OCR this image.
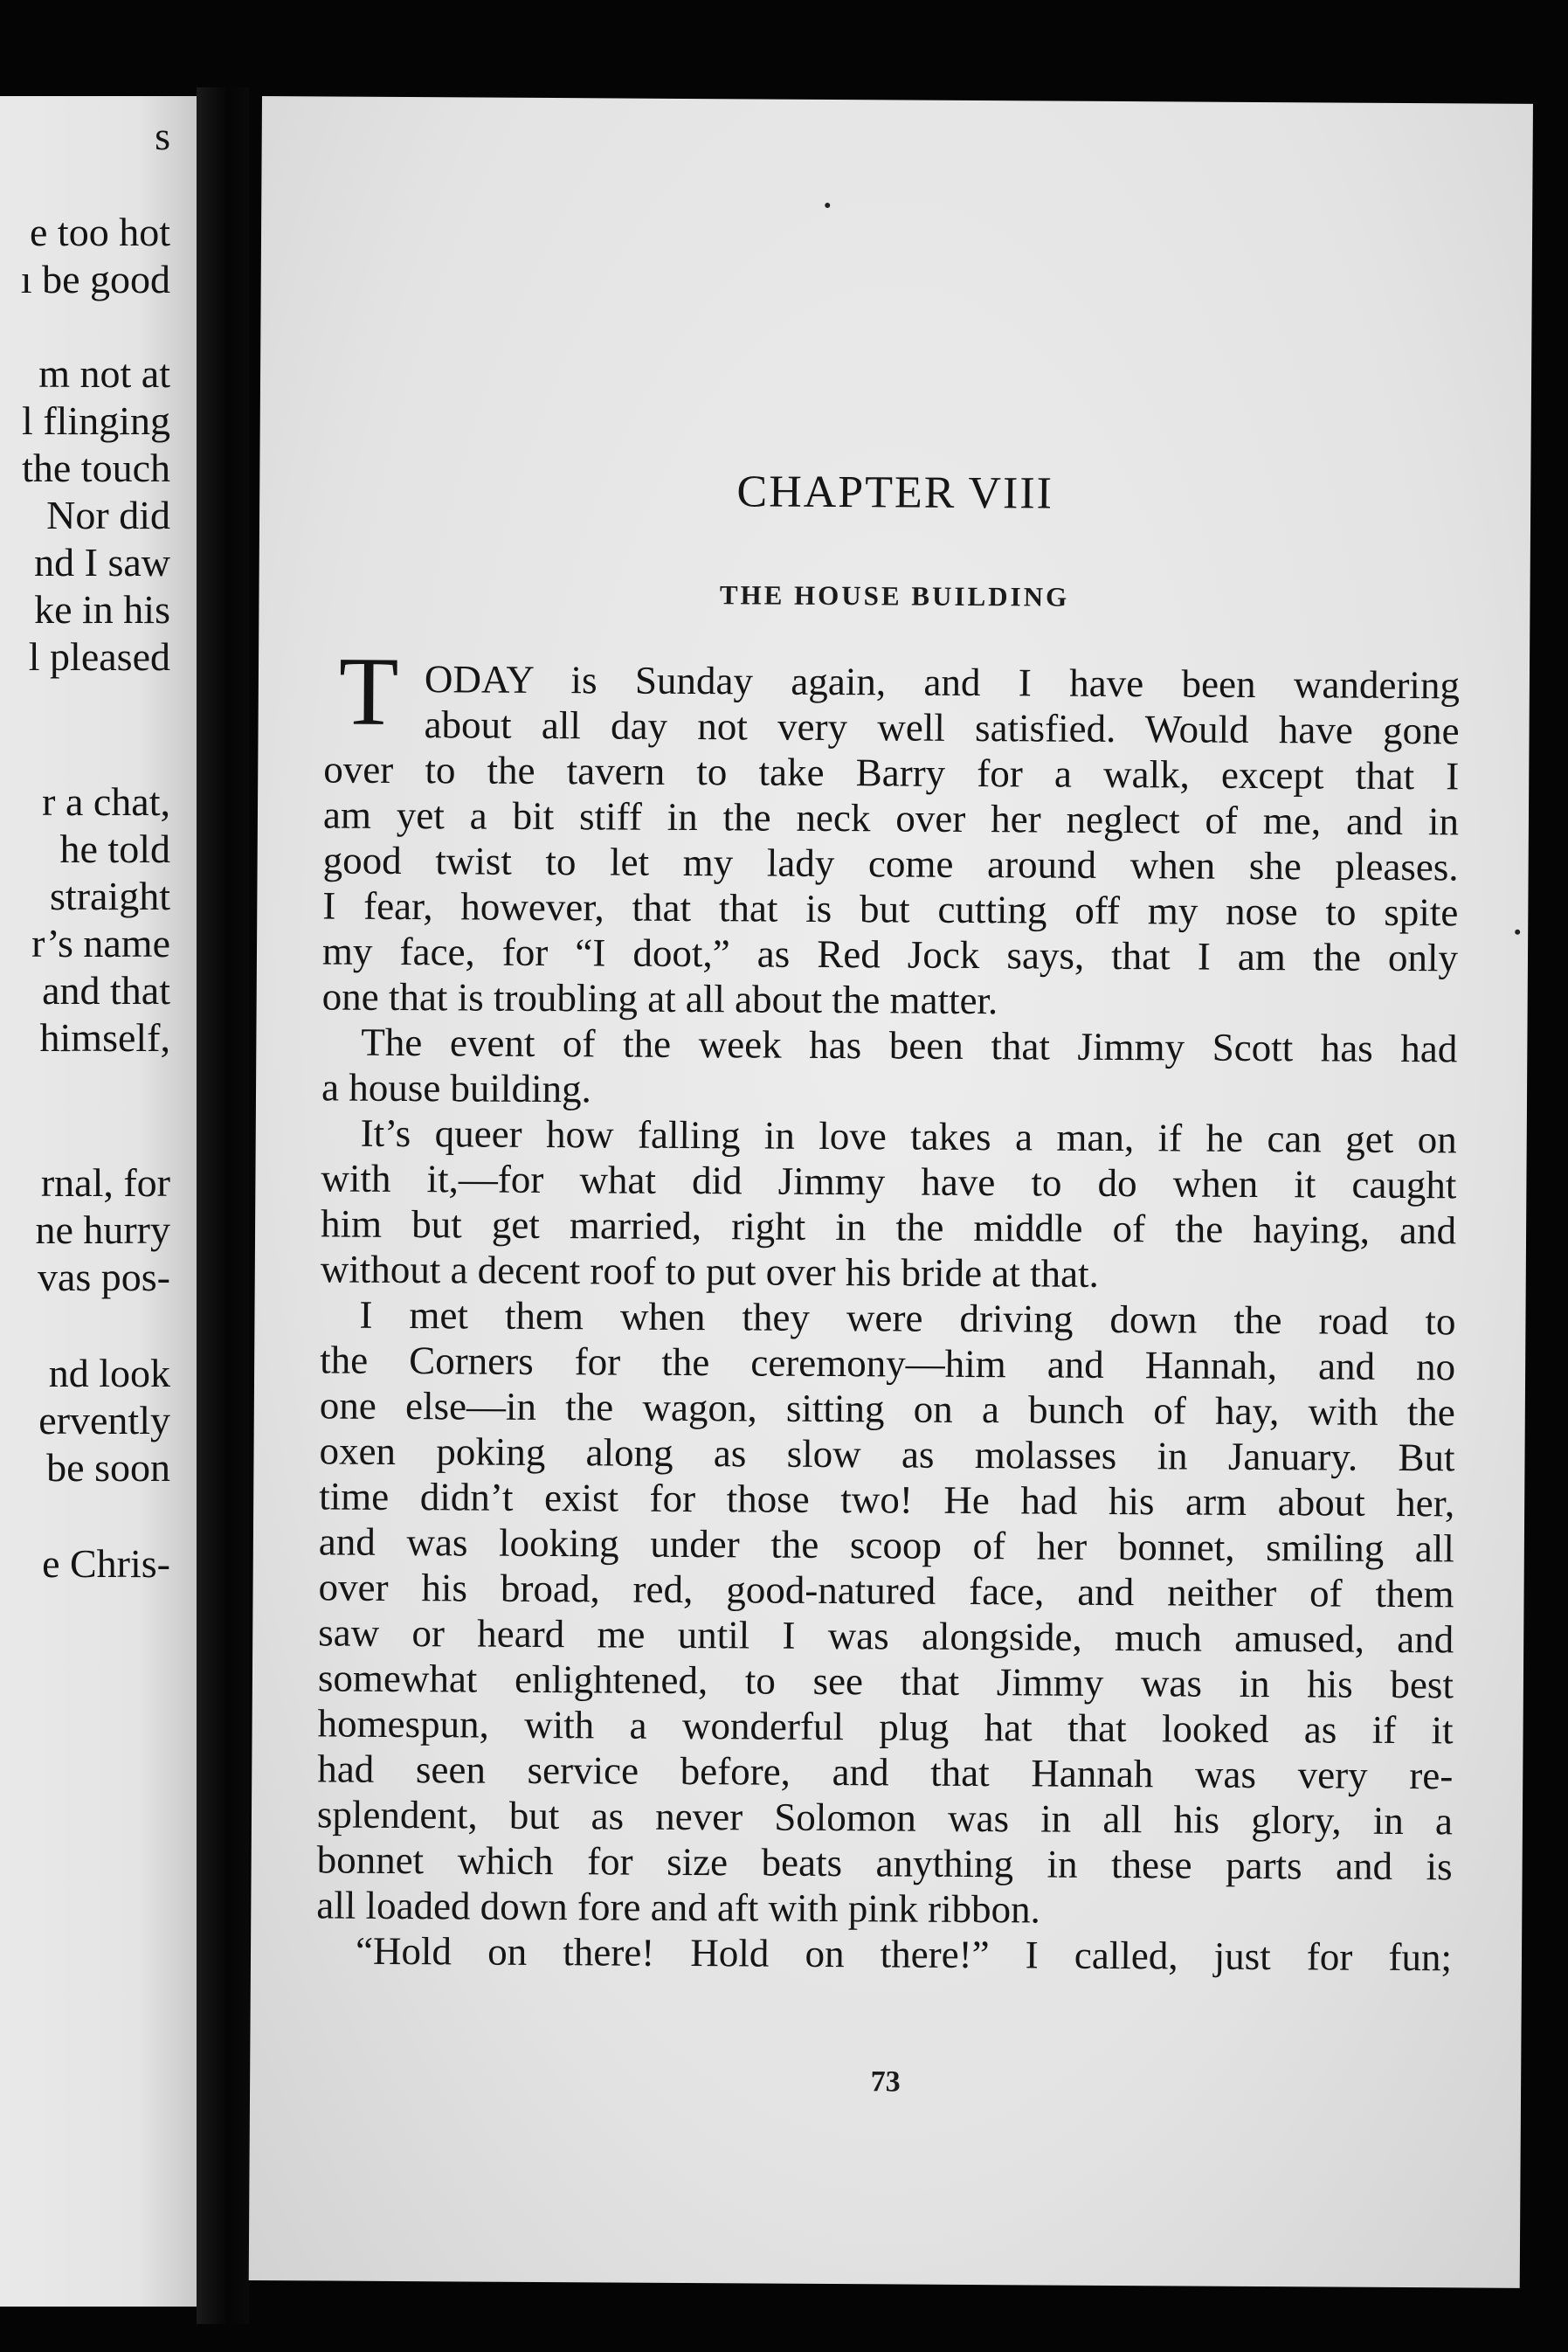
s
e too hot
ı be good
m not at
l flinging
the touch
Nor did
nd I saw
ke in his
l pleased
r a chat,
he told
straight
r’s name
and that
himself,
rnal, for
ne hurry
vas pos-
nd look
ervently
be soon
e Chris-
CHAPTER VIII
THE HOUSE BUILDING
T ODAY is Sunday again, and I have been wandering
about all day not very well satisfied. Would have gone
over to the tavern to take Barry for a walk, except that I
am yet a bit stiff in the neck over her neglect of me, and in
good twist to let my lady come around when she pleases.
I fear, however, that that is but cutting off my nose to spite
my face, for “I doot,” as Red Jock says, that I am the only
one that is troubling at all about the matter.
The event of the week has been that Jimmy Scott has had
a house building.
It’s queer how falling in love takes a man, if he can get on
with it,—for what did Jimmy have to do when it caught
him but get married, right in the middle of the haying, and
without a decent roof to put over his bride at that.
I met them when they were driving down the road to
the Corners for the ceremony—him and Hannah, and no
one else—in the wagon, sitting on a bunch of hay, with the
oxen poking along as slow as molasses in January. But
time didn’t exist for those two! He had his arm about her,
and was looking under the scoop of her bonnet, smiling all
over his broad, red, good-natured face, and neither of them
saw or heard me until I was alongside, much amused, and
somewhat enlightened, to see that Jimmy was in his best
homespun, with a wonderful plug hat that looked as if it
had seen service before, and that Hannah was very re-
splendent, but as never Solomon was in all his glory, in a
bonnet which for size beats anything in these parts and is
all loaded down fore and aft with pink ribbon.
“Hold on there! Hold on there!” I called, just for fun;
73
